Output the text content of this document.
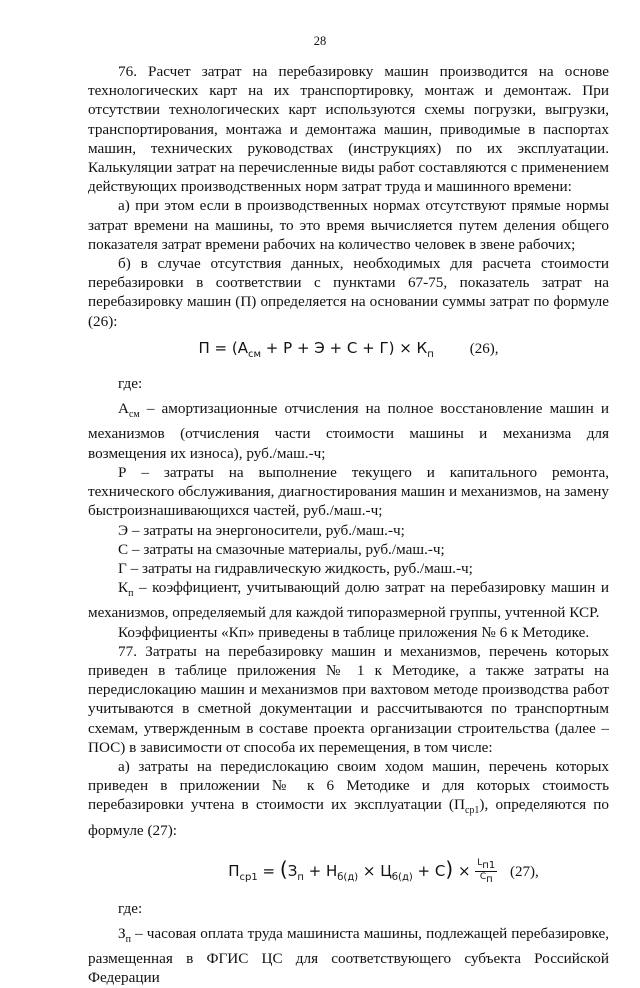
28

76. Расчет затрат на перебазировку машин производится на основе технологических карт на их транспортировку, монтаж и демонтаж. При отсутствии технологических карт используются схемы погрузки, выгрузки, транспортирования, монтажа и демонтажа машин, приводимые в паспортах машин, технических руководствах (инструкциях) по их эксплуатации. Калькуляции затрат на перечисленные виды работ составляются с применением действующих производственных норм затрат труда и машинного времени:

а) при этом если в производственных нормах отсутствуют прямые нормы затрат времени на машины, то это время вычисляется путем деления общего показателя затрат времени рабочих на количество человек в звене рабочих;

б) в случае отсутствия данных, необходимых для расчета стоимости перебазировки в соответствии с пунктами 67-75, показатель затрат на перебазировку машин (П) определяется на основании суммы затрат по формуле (26):

$П = (А_{см} + Р + Э + С + Г) \times К_п$ (26),

где:

$А_{см}$ – амортизационные отчисления на полное восстановление машин и механизмов (отчисления части стоимости машины и механизма для возмещения их износа), руб./маш.-ч;

Р – затраты на выполнение текущего и капитального ремонта, технического обслуживания, диагностирования машин и механизмов, на замену быстроизнашивающихся частей, руб./маш.-ч;

Э – затраты на энергоносители, руб./маш.-ч;

С – затраты на смазочные материалы, руб./маш.-ч;

Г – затраты на гидравлическую жидкость, руб./маш.-ч;

$К_п$ – коэффициент, учитывающий долю затрат на перебазировку машин и механизмов, определяемый для каждой типоразмерной группы, учтенной КСР.

Коэффициенты «Кп» приведены в таблице приложения № 6 к Методике.

77. Затраты на перебазировку машин и механизмов, перечень которых приведен в таблице приложения № 1 к Методике, а также затраты на передислокацию машин и механизмов при вахтовом методе производства работ учитываются в сметной документации и рассчитываются по транспортным схемам, утвержденным в составе проекта организации строительства (далее – ПОС) в зависимости от способа их перемещения, в том числе:

а) затраты на передислокацию своим ходом машин, перечень которых приведен в приложении № к 6 Методике и для которых стоимость перебазировки учтена в стоимости их эксплуатации $(П_{ср1})$, определяются по формуле (27):

$П_{ср1} = (З_п + Н_{б(д)} \times Ц_{б(д)} + С) \times \frac{L_{п1}}{С_п} (27)$,

где:

$З_п$ – часовая оплата труда машиниста машины, подлежащей перебазировке, размещенная в ФГИС ЦС для соответствующего субъекта Российской Федерации
